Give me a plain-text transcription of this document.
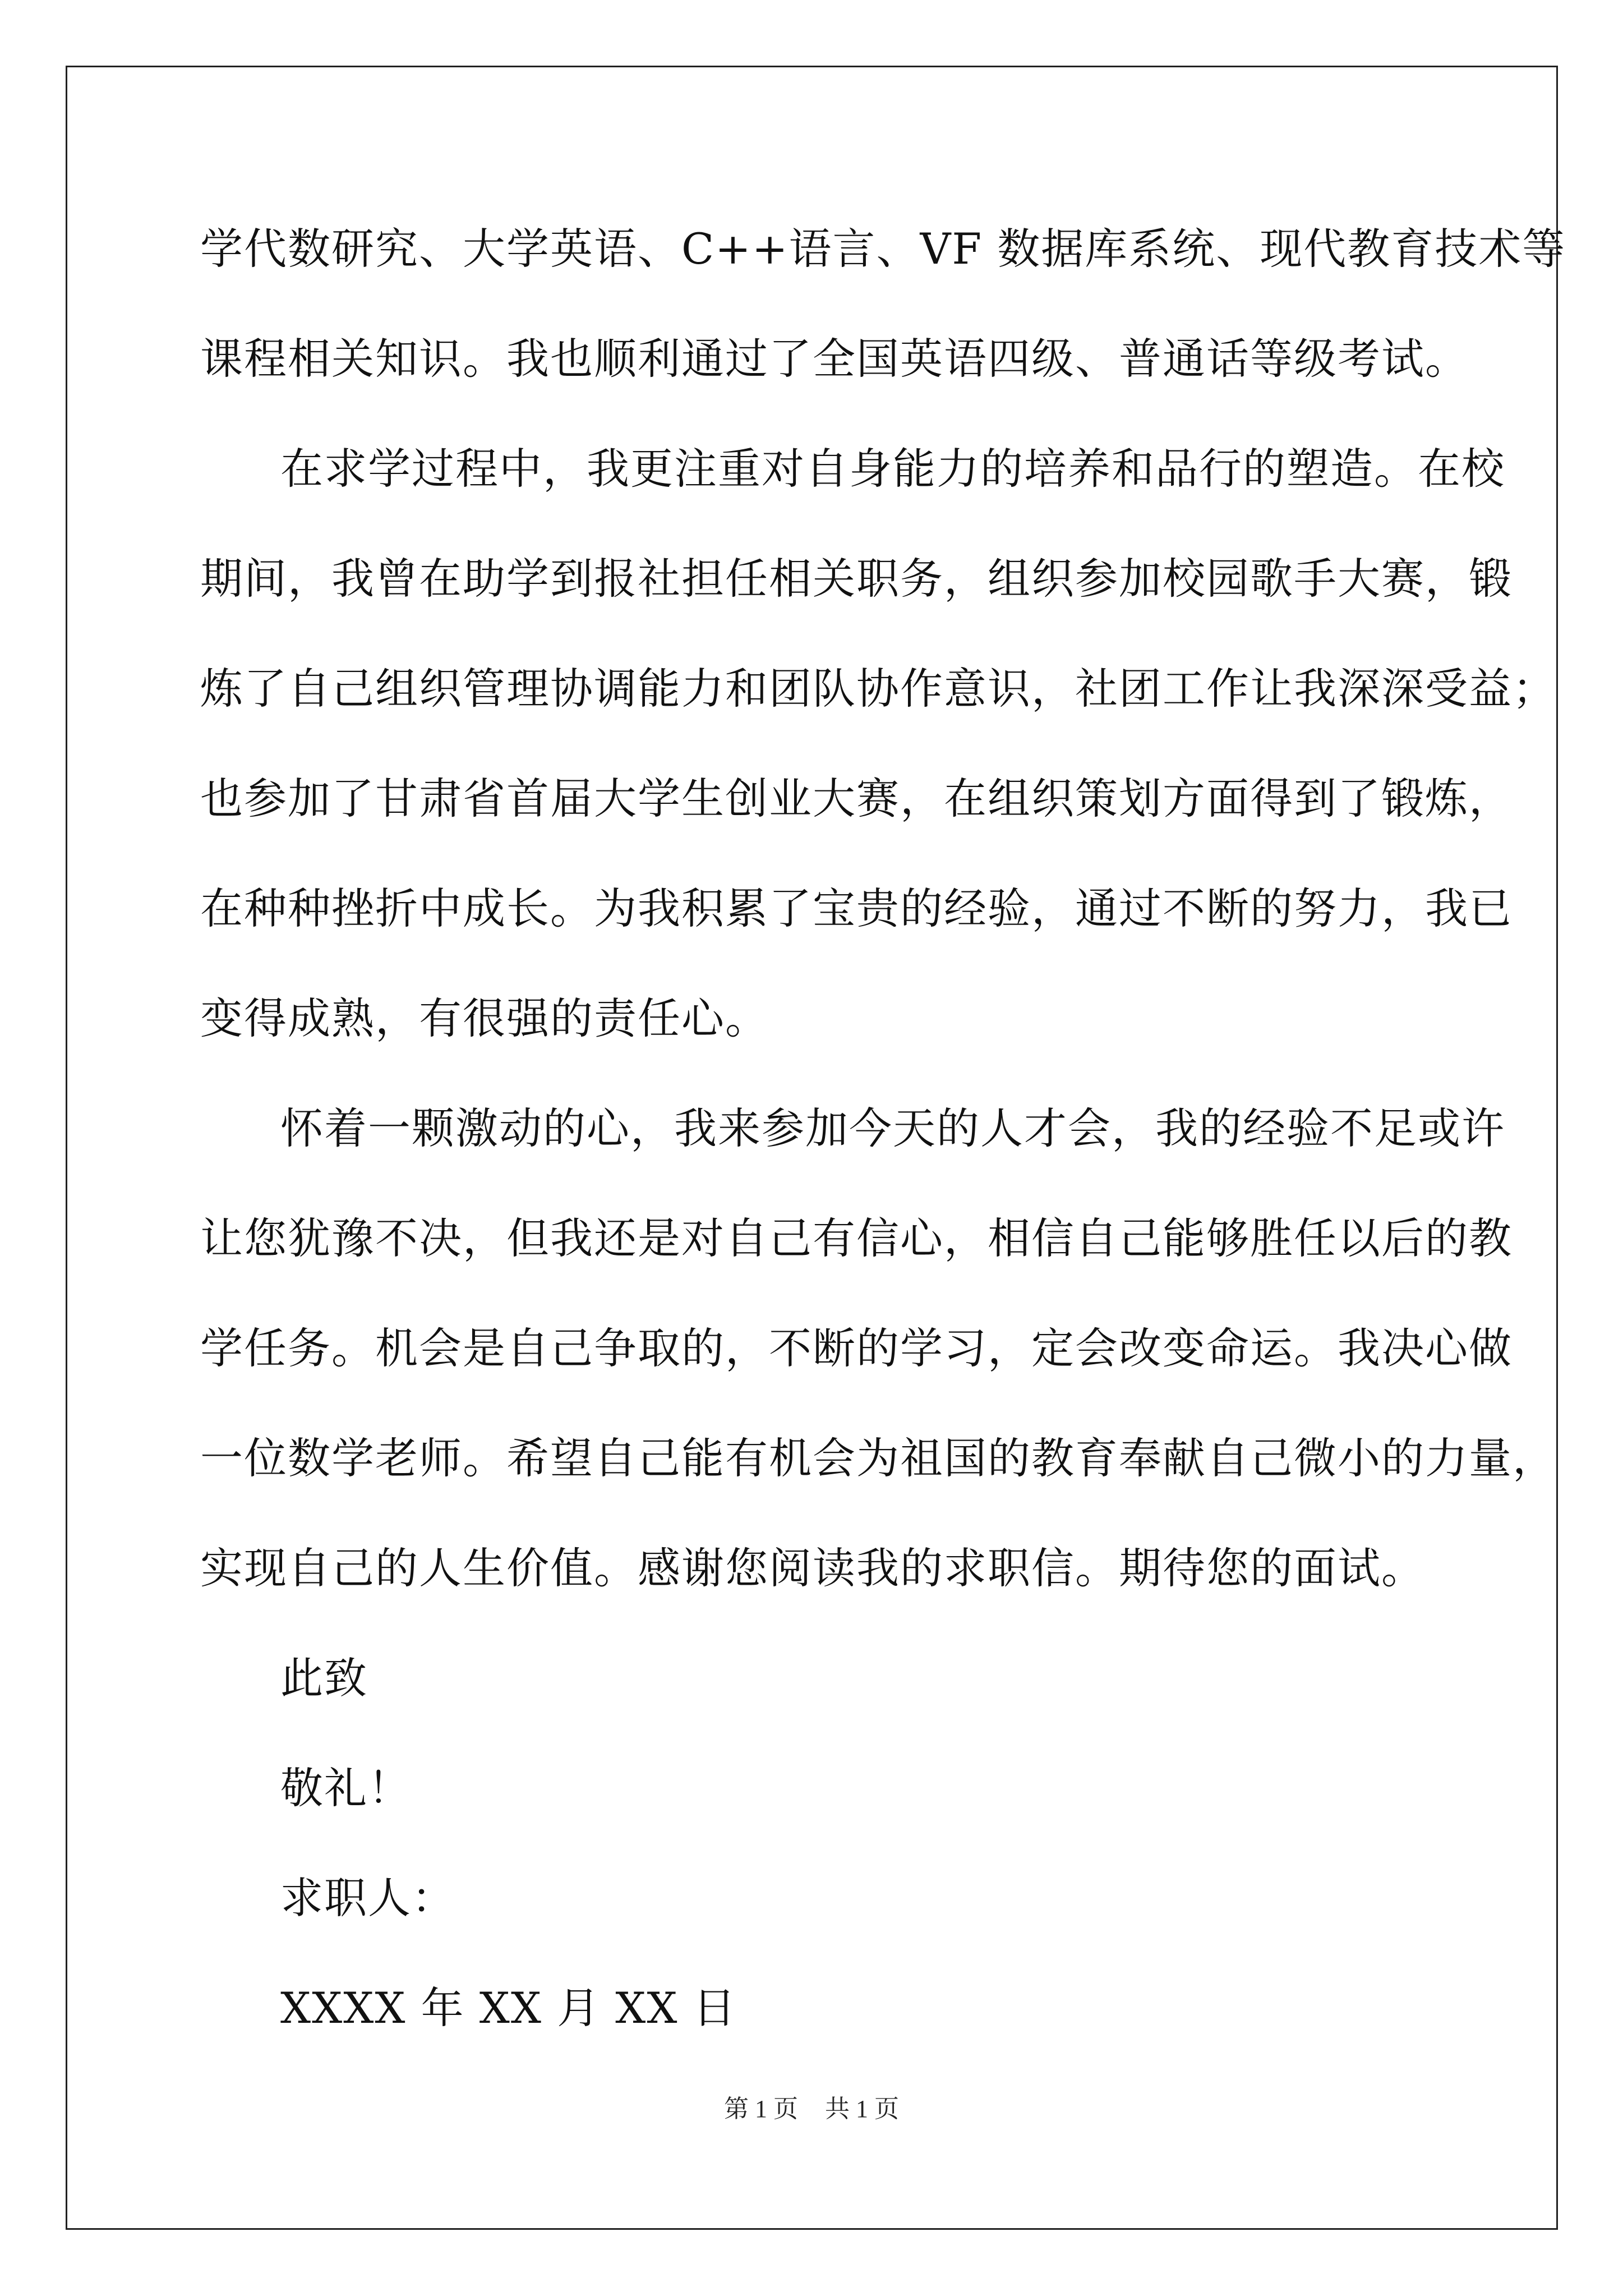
学代数研究、大学英语、C++语言、VF 数据库系统、现代教育技术等
课程相关知识。我也顺利通过了全国英语四级、普通话等级考试。
在求学过程中，我更注重对自身能力的培养和品行的塑造。在校
期间，我曾在助学到报社担任相关职务，组织参加校园歌手大赛，锻
炼了自己组织管理协调能力和团队协作意识，社团工作让我深深受益；
也参加了甘肃省首届大学生创业大赛，在组织策划方面得到了锻炼，
在种种挫折中成长。为我积累了宝贵的经验，通过不断的努力，我已
变得成熟，有很强的责任心。
怀着一颗激动的心，我来参加今天的人才会，我的经验不足或许
让您犹豫不决，但我还是对自己有信心，相信自己能够胜任以后的教
学任务。机会是自己争取的，不断的学习，定会改变命运。我决心做
一位数学老师。希望自己能有机会为祖国的教育奉献自己微小的力量，
实现自己的人生价值。感谢您阅读我的求职信。期待您的面试。
此致
敬礼！
求职人：
XXXX 年 XX 月 XX 日
第 1 页 共 1 页
